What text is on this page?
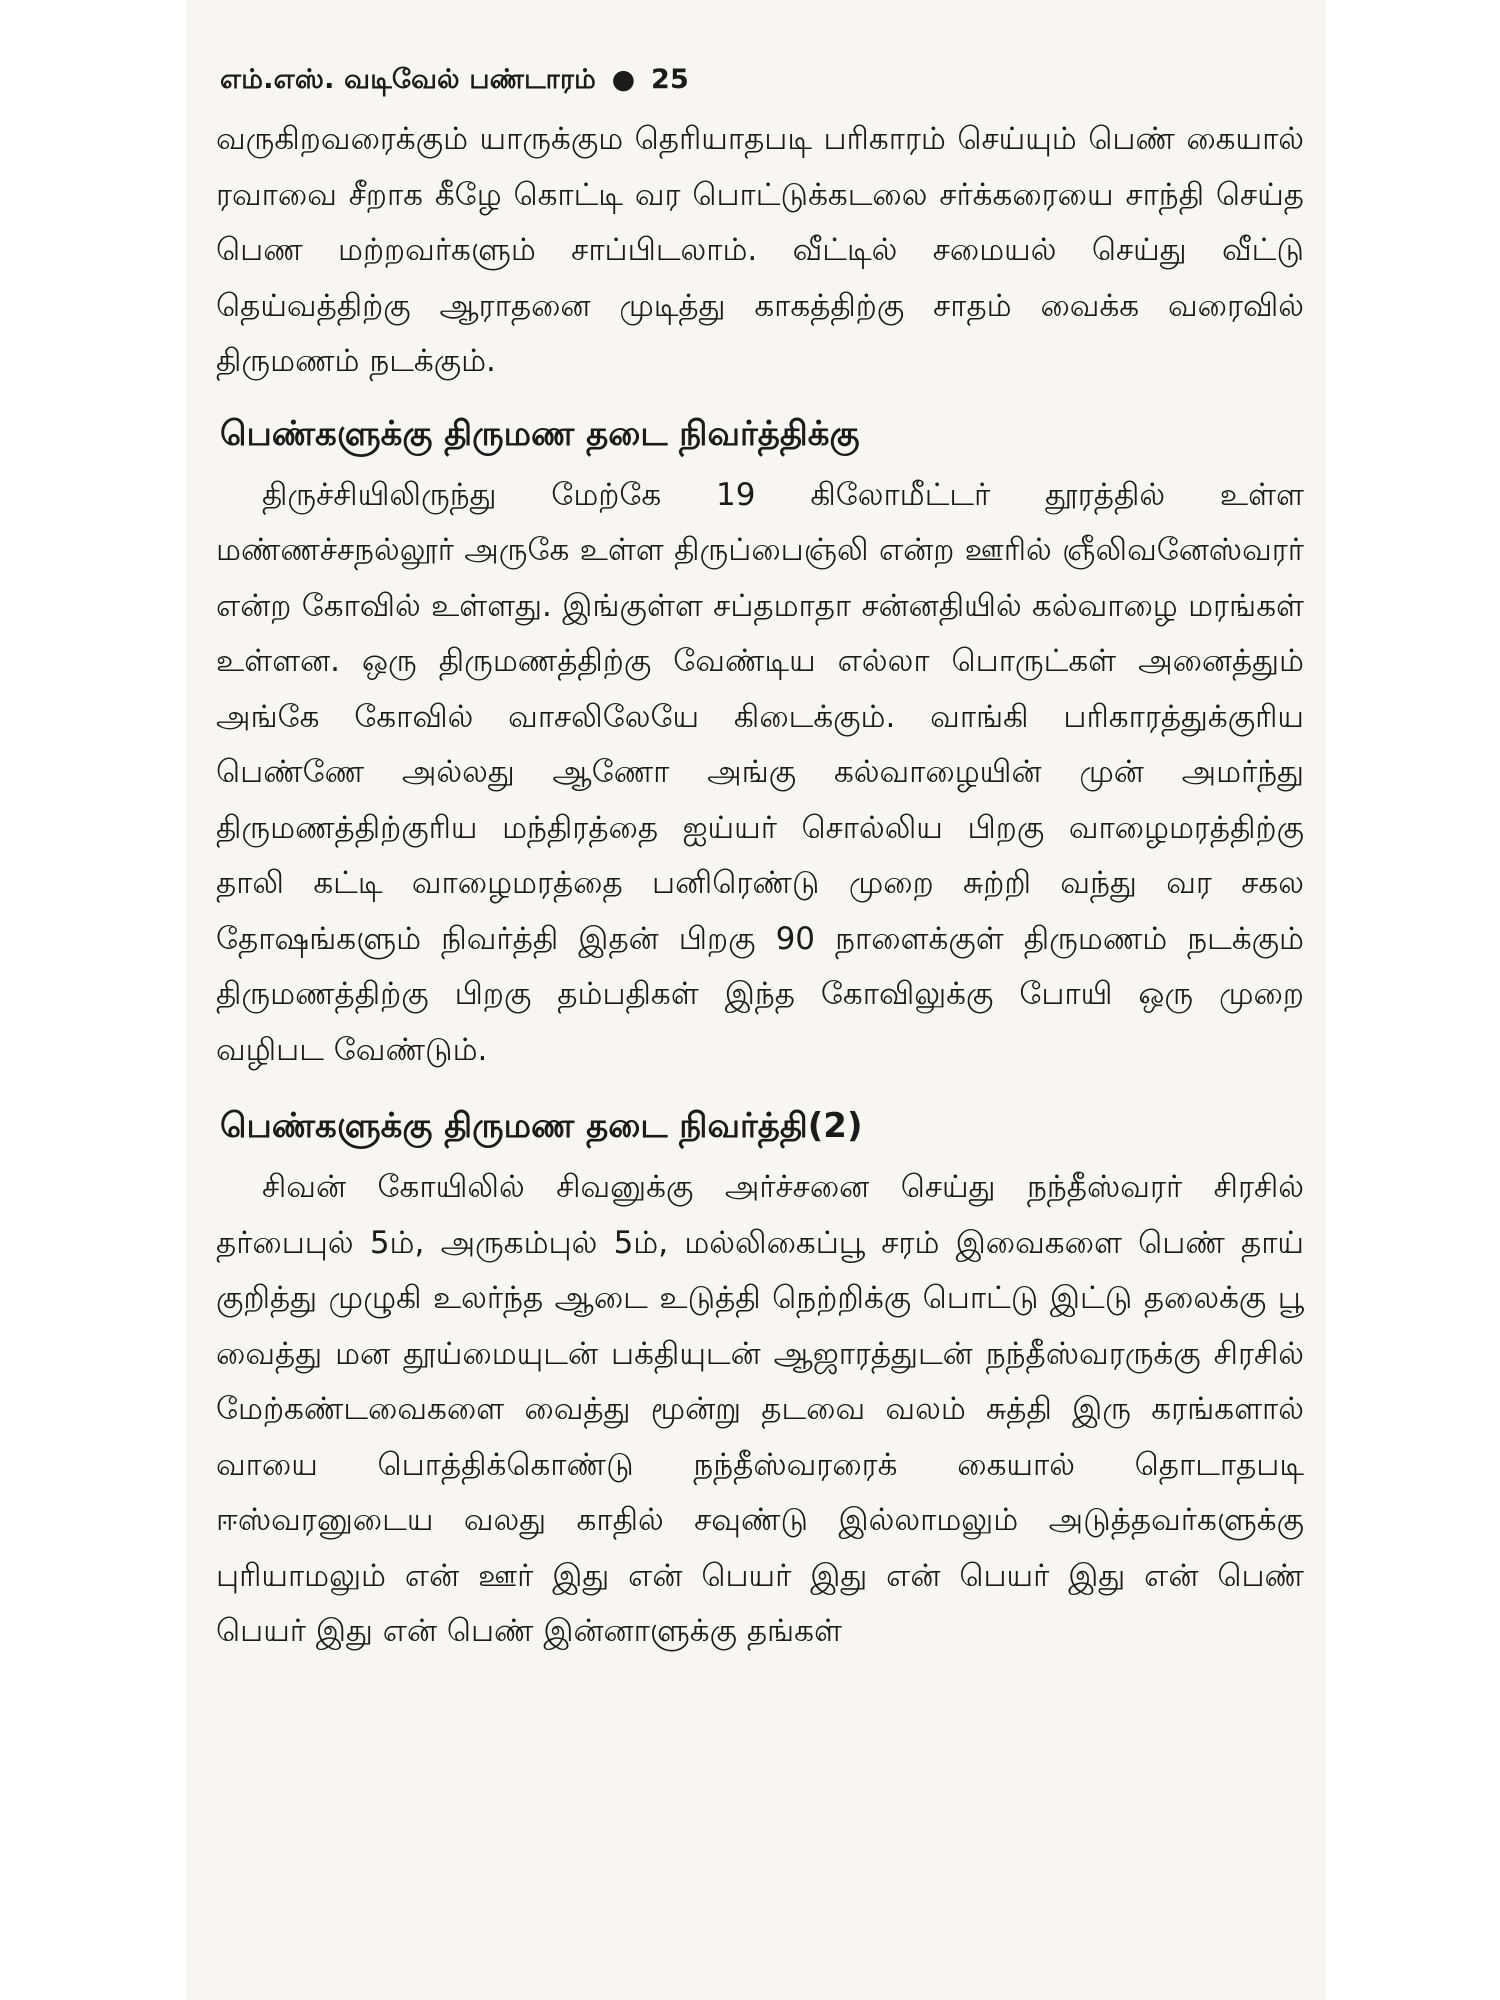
எம்.எஸ். வடிவேல் பண்டாரம் ● 25

வருகிறவரைக்கும் யாருக்கும தெரியாதபடி பரிகாரம் செய்யும் பெண் கையால் ரவாவை சீறாக கீழே கொட்டி வர பொட்டுக்கடலை சர்க்கரையை சாந்தி செய்த பெண மற்றவர்களும் சாப்பிடலாம். வீட்டில் சமையல் செய்து வீட்டு தெய்வத்திற்கு ஆராதனை முடித்து காகத்திற்கு சாதம் வைக்க வரைவில் திருமணம் நடக்கும்.

பெண்களுக்கு திருமண தடை நிவர்த்திக்கு

திருச்சியிலிருந்து மேற்கே 19 கிலோமீட்டர் தூரத்தில் உள்ள மண்ணச்சநல்லூர் அருகே உள்ள திருப்பைஞ்லி என்ற ஊரில் ஞீலிவனேஸ்வரர் என்ற கோவில் உள்ளது. இங்குள்ள சப்தமாதா சன்னதியில் கல்வாழை மரங்கள் உள்ளன. ஒரு திருமணத்திற்கு வேண்டிய எல்லா பொருட்கள் அனைத்தும் அங்கே கோவில் வாசலிலேயே கிடைக்கும். வாங்கி பரிகாரத்துக்குரிய பெண்ணே அல்லது ஆணோ அங்கு கல்வாழையின் முன் அமர்ந்து திருமணத்திற்குரிய மந்திரத்தை ஐய்யர் சொல்லிய பிறகு வாழைமரத்திற்கு தாலி கட்டி வாழைமரத்தை பனிரெண்டு முறை சுற்றி வந்து வர சகல தோஷங்களும் நிவர்த்தி இதன் பிறகு 90 நாளைக்குள் திருமணம் நடக்கும் திருமணத்திற்கு பிறகு தம்பதிகள் இந்த கோவிலுக்கு போயி ஒரு முறை வழிபட வேண்டும்.

பெண்களுக்கு திருமண தடை நிவர்த்தி(2)

சிவன் கோயிலில் சிவனுக்கு அர்ச்சனை செய்து நந்தீஸ்வரர் சிரசில் தர்பைபுல் 5ம், அருகம்புல் 5ம், மல்லிகைப்பூ சரம் இவைகளை பெண் தாய் குறித்து முழுகி உலர்ந்த ஆடை உடுத்தி நெற்றிக்கு பொட்டு இட்டு தலைக்கு பூ வைத்து மன தூய்மையுடன் பக்தியுடன் ஆஜாரத்துடன் நந்தீஸ்வரருக்கு சிரசில் மேற்கண்டவைகளை வைத்து மூன்று தடவை வலம் சுத்தி இரு கரங்களால் வாயை பொத்திக்கொண்டு நந்தீஸ்வரரைக் கையால் தொடாதபடி ஈஸ்வரனுடைய வலது காதில் சவுண்டு இல்லாமலும் அடுத்தவர்களுக்கு புரியாமலும் என் ஊர் இது என் பெயர் இது என் பெயர் இது என் பெண் பெயர் இது என் பெண் இன்னாளுக்கு தங்கள்
